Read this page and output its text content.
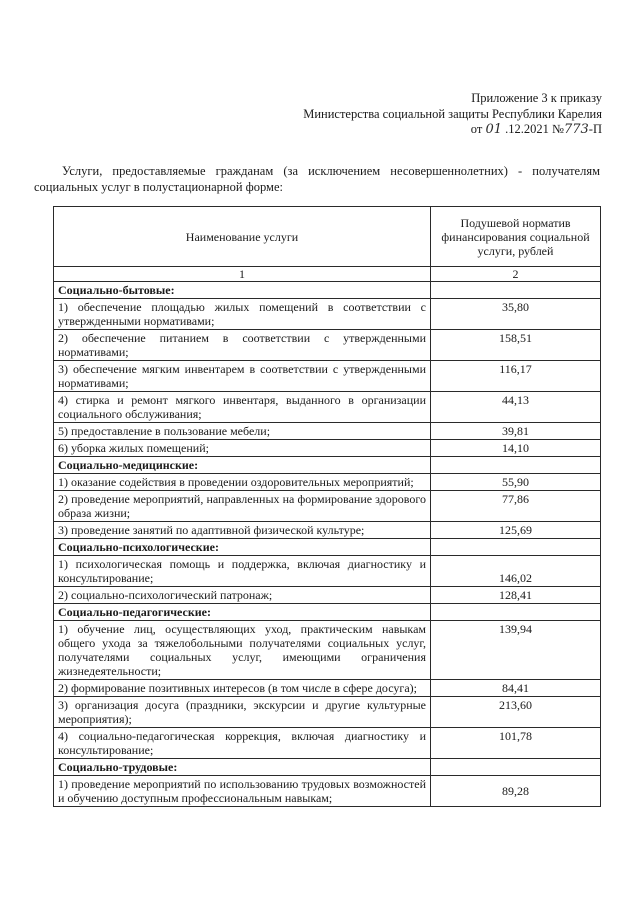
Приложение 3 к приказу
Министерства социальной защиты Республики Карелия
от 01 .12.2021 №773-П
Услуги, предоставляемые гражданам (за исключением несовершеннолетних) - получателям социальных услуг в полустационарной форме:
Наименование услуги	Подушевой норматив финансирования социальной услуги, рублей
1	2
Социально-бытовые:	
1) обеспечение площадью жилых помещений в соответствии с утвержденными нормативами;	35,80
2) обеспечение питанием в соответствии с утвержденными нормативами;	158,51
3) обеспечение мягким инвентарем в соответствии с утвержденными нормативами;	116,17
4) стирка и ремонт мягкого инвентаря, выданного в организации социального обслуживания;	44,13
5) предоставление в пользование мебели;	39,81
6) уборка жилых помещений;	14,10
Социально-медицинские:	
1) оказание содействия в проведении оздоровительных мероприятий;	55,90
2) проведение мероприятий, направленных на формирование здорового образа жизни;	77,86
3) проведение занятий по адаптивной физической культуре;	125,69
Социально-психологические:	
1) психологическая помощь и поддержка, включая диагностику и консультирование;	146,02
2) социально-психологический патронаж;	128,41
Социально-педагогические:	
1) обучение лиц, осуществляющих уход, практическим навыкам общего ухода за тяжелобольными получателями социальных услуг, получателями социальных услуг, имеющими ограничения жизнедеятельности;	139,94
2) формирование позитивных интересов (в том числе в сфере досуга);	84,41
3) организация досуга (праздники, экскурсии и другие культурные мероприятия);	213,60
4) социально-педагогическая коррекция, включая диагностику и консультирование;	101,78
Социально-трудовые:	
1) проведение мероприятий по использованию трудовых возможностей и обучению доступным профессиональным навыкам;	89,28
